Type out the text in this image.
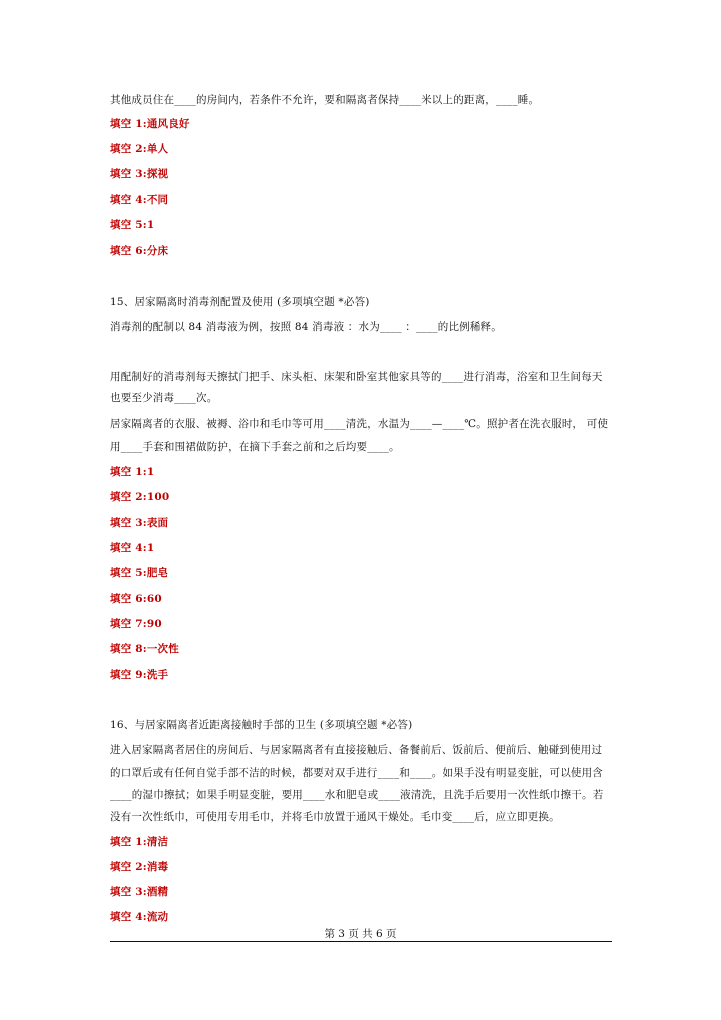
其他成员住在____的房间内，若条件不允许，要和隔离者保持____米以上的距离，____睡。
填空 1:通风良好
填空 2:单人
填空 3:探视
填空 4:不同
填空 5:1
填空 6:分床
15、居家隔离时消毒剂配置及使用 (多项填空题 *必答)
消毒剂的配制以 84 消毒液为例，按照 84 消毒液 ：水为____ ：____的比例稀释。
用配制好的消毒剂每天擦拭门把手、床头柜、床架和卧室其他家具等的____进行消毒，浴室和卫生间每天
也要至少消毒____次。
居家隔离者的衣服、被褥、浴巾和毛巾等可用____清洗，水温为____—____℃。照护者在洗衣服时， 可使
用____手套和围裙做防护，在摘下手套之前和之后均要____。
填空 1:1
填空 2:100
填空 3:表面
填空 4:1
填空 5:肥皂
填空 6:60
填空 7:90
填空 8:一次性
填空 9:洗手
16、与居家隔离者近距离接触时手部的卫生 (多项填空题 *必答)
进入居家隔离者居住的房间后、与居家隔离者有直接接触后、备餐前后、饭前后、便前后、触碰到使用过
的口罩后或有任何自觉手部不洁的时候，都要对双手进行____和____。如果手没有明显变脏，可以使用含
____的湿巾擦拭；如果手明显变脏，要用____水和肥皂或____液清洗，且洗手后要用一次性纸巾擦干。若
没有一次性纸巾，可使用专用毛巾，并将毛巾放置于通风干燥处。毛巾变____后，应立即更换。
填空 1:清洁
填空 2:消毒
填空 3:酒精
填空 4:流动
第 3 页 共 6 页
